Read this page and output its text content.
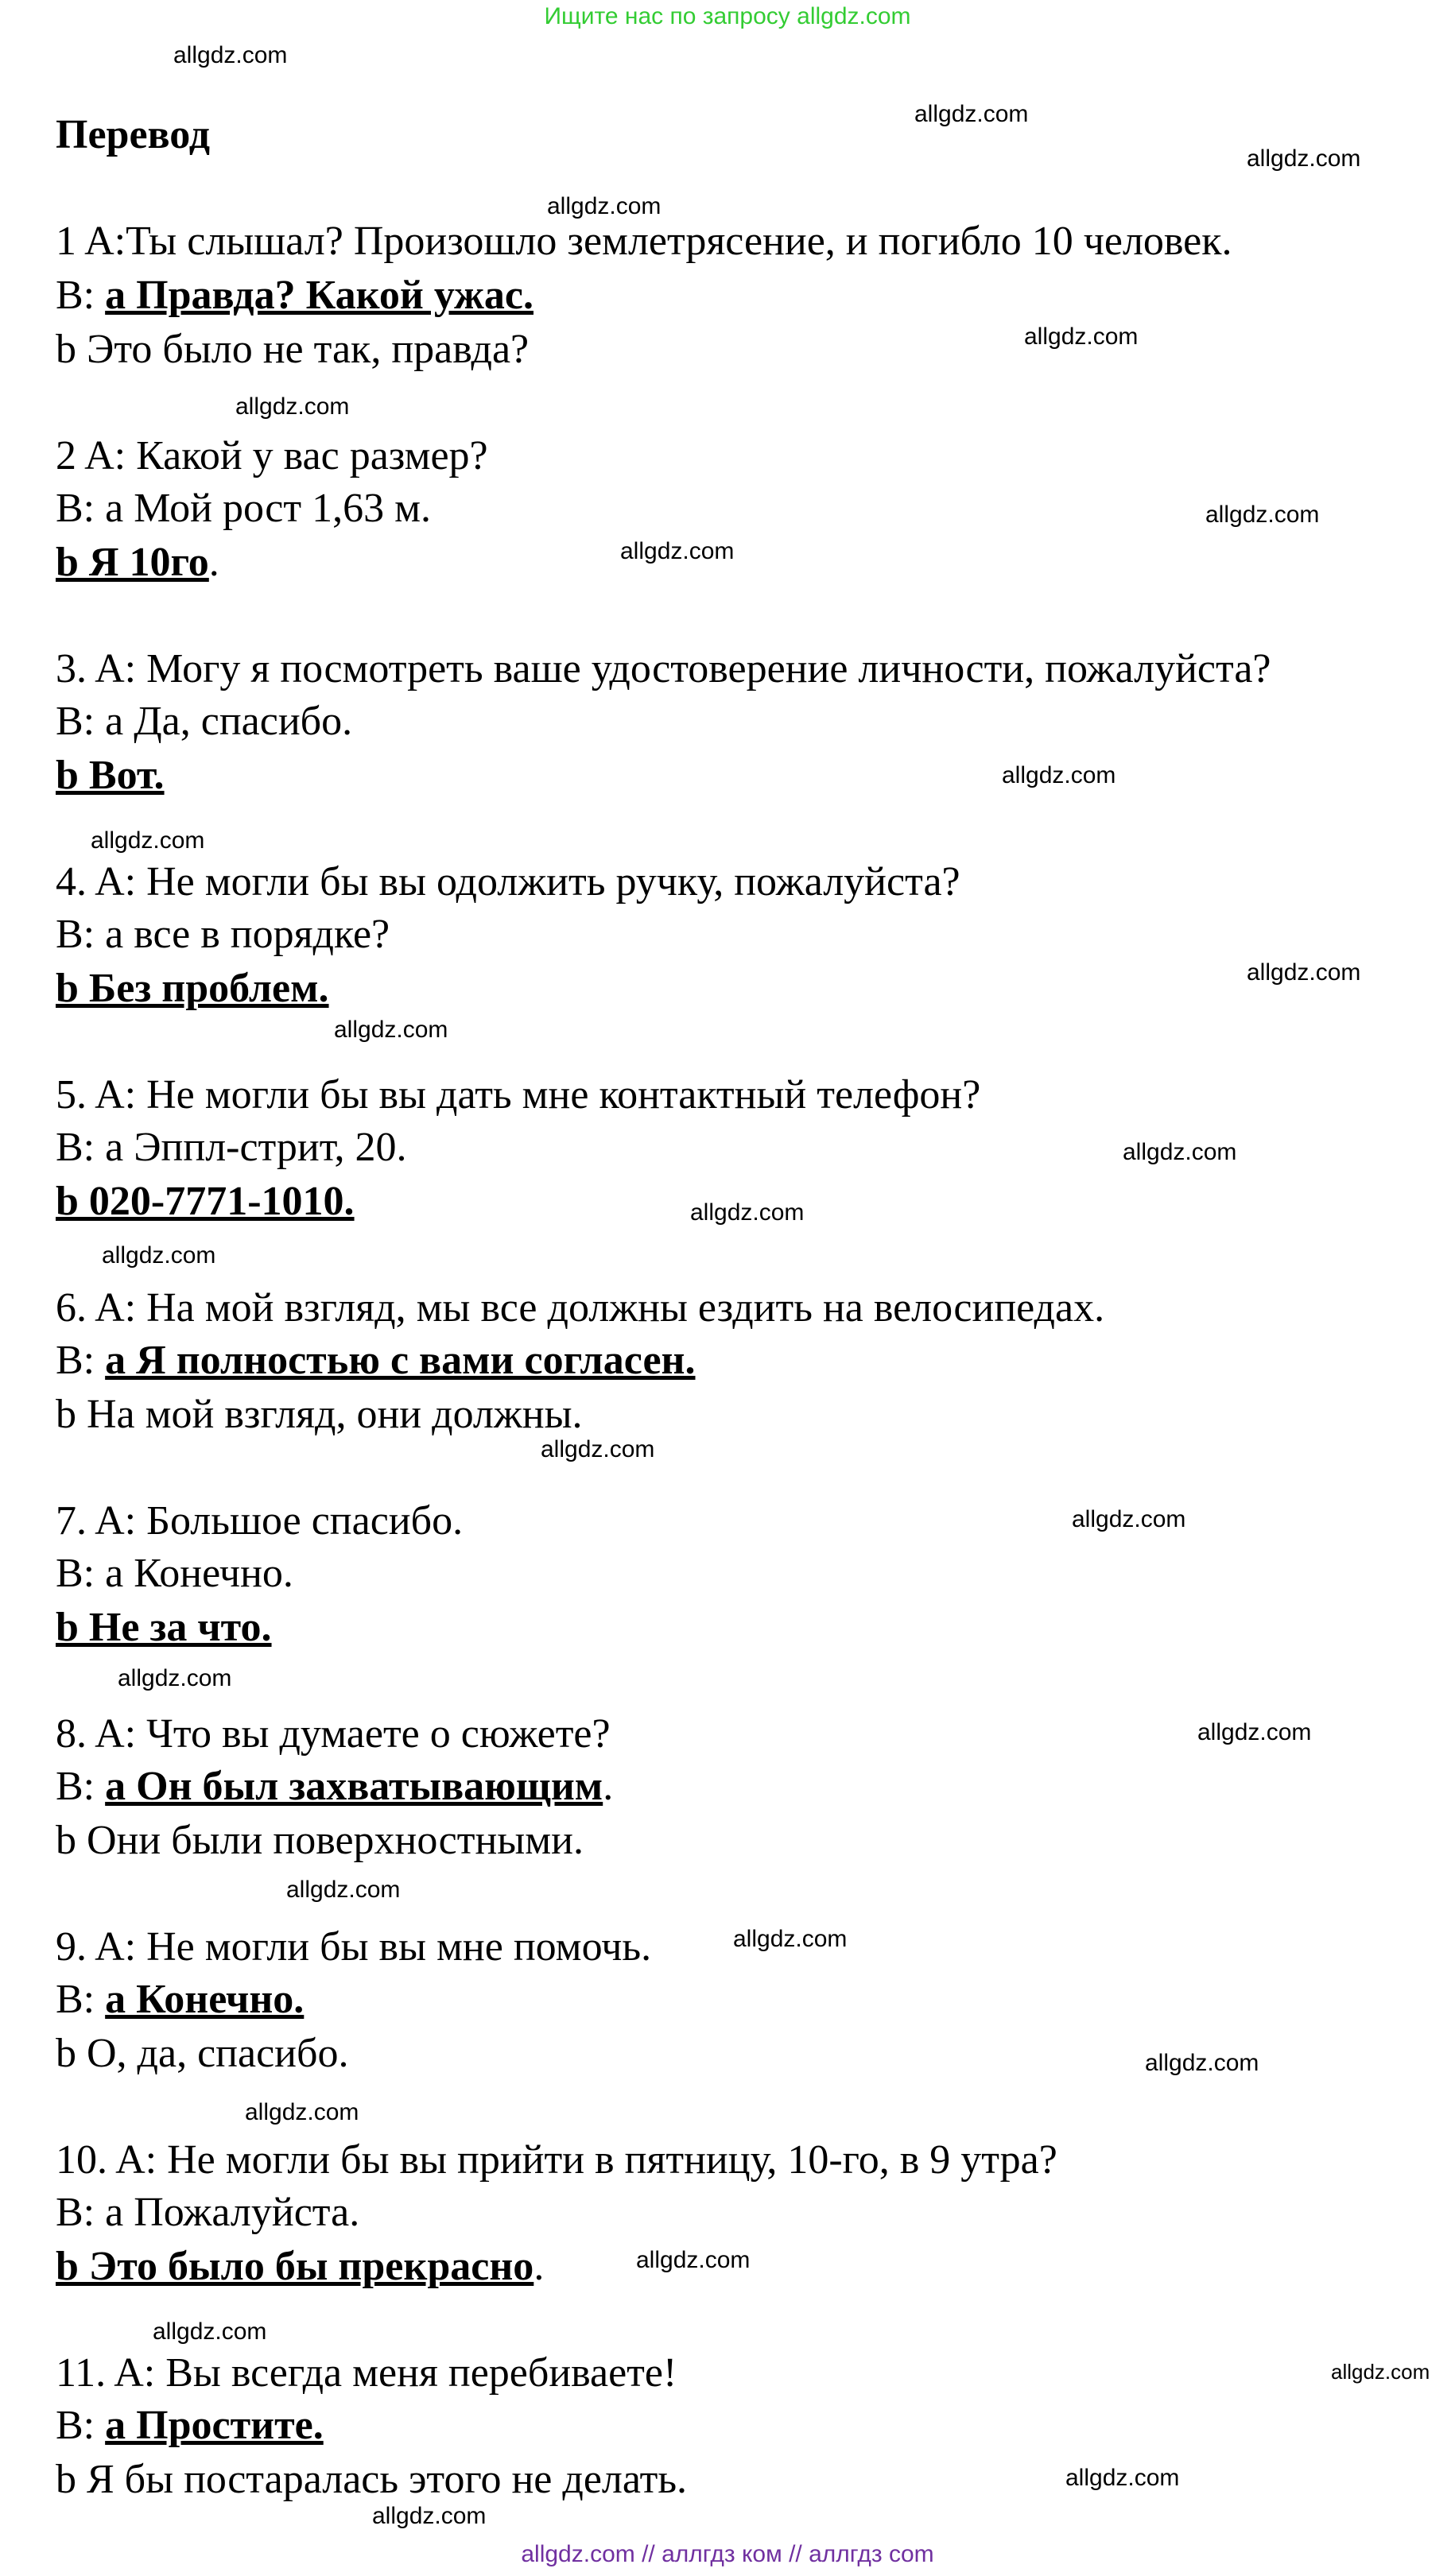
Ищите нас по запросу allgdz.com
Перевод
1 A:Ты слышал? Произошло землетрясение, и погибло 10 человек.
B: a Правда? Какой ужас.
b Это было не так, правда?
2 A: Какой у вас размер?
B: a Мой рост 1,63 м.
b Я 10го.
3. A: Могу я посмотреть ваше удостоверение личности, пожалуйста?
B: a Да, спасибо.
b Вот.
4. A: Не могли бы вы одолжить ручку, пожалуйста?
B: a все в порядке?
b Без проблем.
5. A: Не могли бы вы дать мне контактный телефон?
B: a Эппл-стрит, 20.
b 020-7771-1010.
6. A: На мой взгляд, мы все должны ездить на велосипедах.
B: a Я полностью с вами согласен.
b На мой взгляд, они должны.
7. A: Большое спасибо.
B: a Конечно.
b Не за что.
8. A: Что вы думаете о сюжете?
B: a Он был захватывающим.
b Они были поверхностными.
9. A: Не могли бы вы мне помочь.
B: a Конечно.
b О, да, спасибо.
10. A: Не могли бы вы прийти в пятницу, 10-го, в 9 утра?
B: a Пожалуйста.
b Это было бы прекрасно.
11. A: Вы всегда меня перебиваете!
B: a Простите.
b Я бы постаралась этого не делать.
allgdz.com
allgdz.com
allgdz.com
allgdz.com
allgdz.com
allgdz.com
allgdz.com
allgdz.com
allgdz.com
allgdz.com
allgdz.com
allgdz.com
allgdz.com
allgdz.com
allgdz.com
allgdz.com
allgdz.com
allgdz.com
allgdz.com
allgdz.com
allgdz.com
allgdz.com
allgdz.com
allgdz.com
allgdz.com
allgdz.com
allgdz.com
allgdz.com
allgdz.com // аллгдз ком // аллгдз com
